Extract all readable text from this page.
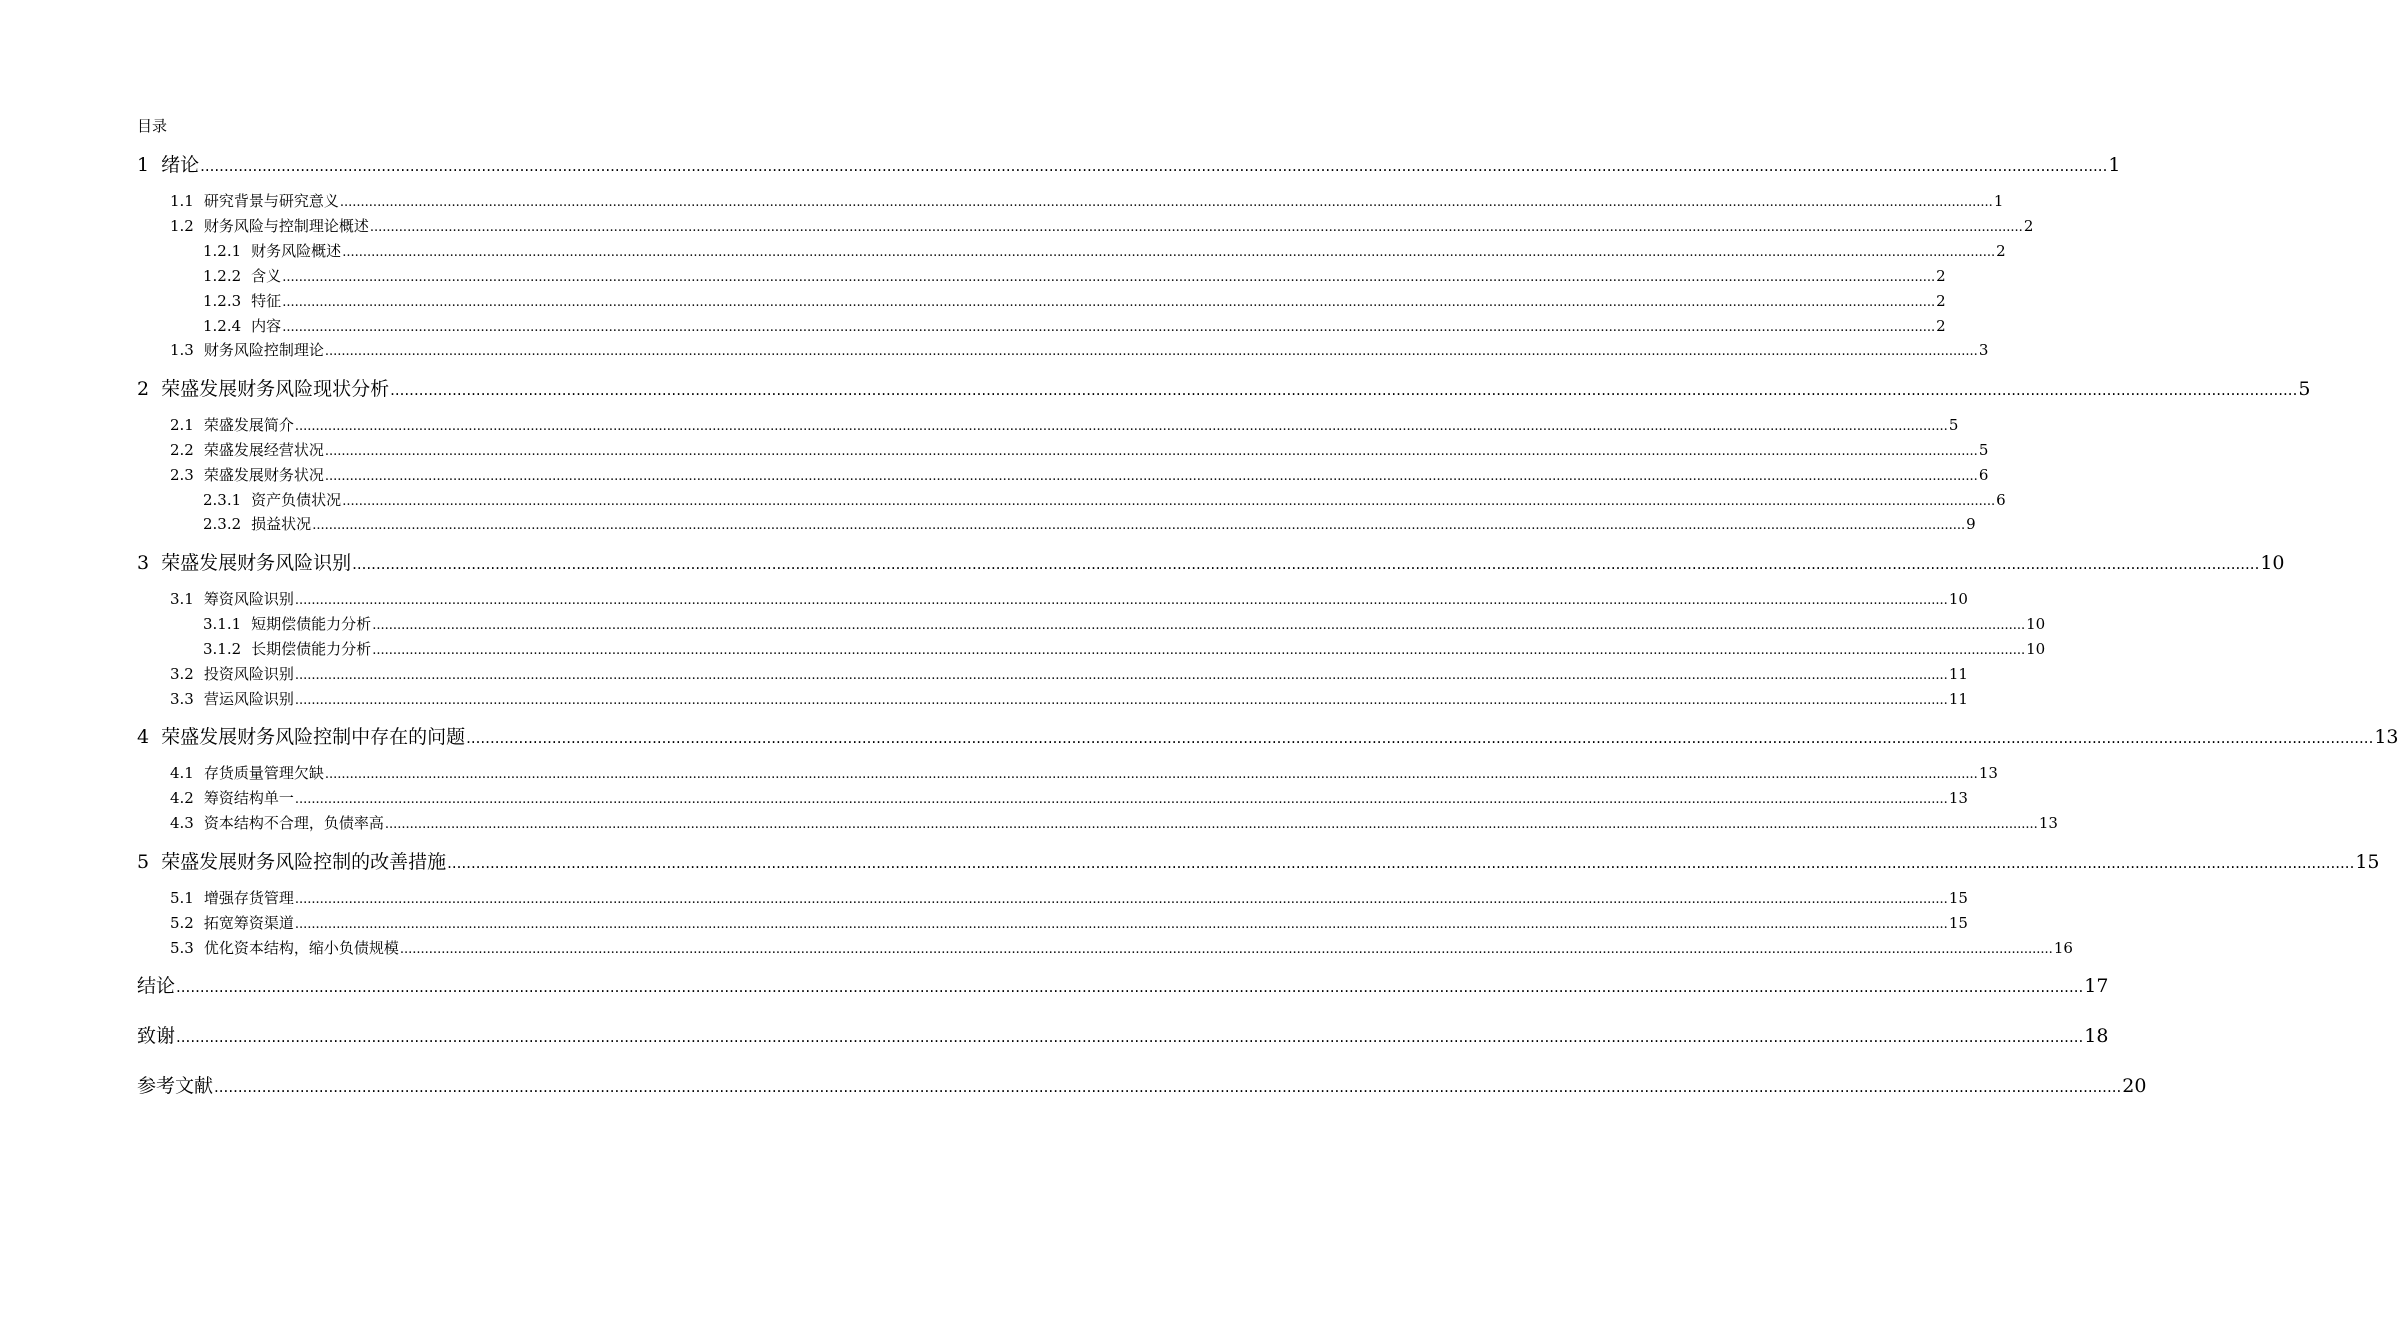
目录
1 绪论 ................................................................................................................................................................................................................................................................................................................................................................................................................ 1
1.1 研究背景与研究意义 ................................................................................................................................................................................................................................................................................................................................................................................................................ 1
1.2 财务风险与控制理论概述 ................................................................................................................................................................................................................................................................................................................................................................................................................ 2
1.2.1 财务风险概述 ................................................................................................................................................................................................................................................................................................................................................................................................................ 2
1.2.2 含义 ................................................................................................................................................................................................................................................................................................................................................................................................................ 2
1.2.3 特征 ................................................................................................................................................................................................................................................................................................................................................................................................................ 2
1.2.4 内容 ................................................................................................................................................................................................................................................................................................................................................................................................................ 2
1.3 财务风险控制理论 ................................................................................................................................................................................................................................................................................................................................................................................................................ 3
2 荣盛发展财务风险现状分析 ................................................................................................................................................................................................................................................................................................................................................................................................................ 5
2.1 荣盛发展简介 ................................................................................................................................................................................................................................................................................................................................................................................................................ 5
2.2 荣盛发展经营状况 ................................................................................................................................................................................................................................................................................................................................................................................................................ 5
2.3 荣盛发展财务状况 ................................................................................................................................................................................................................................................................................................................................................................................................................ 6
2.3.1 资产负债状况 ................................................................................................................................................................................................................................................................................................................................................................................................................ 6
2.3.2 损益状况 ................................................................................................................................................................................................................................................................................................................................................................................................................ 9
3 荣盛发展财务风险识别 ................................................................................................................................................................................................................................................................................................................................................................................................................ 10
3.1 筹资风险识别 ................................................................................................................................................................................................................................................................................................................................................................................................................ 10
3.1.1 短期偿债能力分析 ................................................................................................................................................................................................................................................................................................................................................................................................................ 10
3.1.2 长期偿债能力分析 ................................................................................................................................................................................................................................................................................................................................................................................................................ 10
3.2 投资风险识别 ................................................................................................................................................................................................................................................................................................................................................................................................................ 11
3.3 营运风险识别 ................................................................................................................................................................................................................................................................................................................................................................................................................ 11
4 荣盛发展财务风险控制中存在的问题 ................................................................................................................................................................................................................................................................................................................................................................................................................ 13
4.1 存货质量管理欠缺 ................................................................................................................................................................................................................................................................................................................................................................................................................ 13
4.2 筹资结构单一 ................................................................................................................................................................................................................................................................................................................................................................................................................ 13
4.3 资本结构不合理，负债率高 ................................................................................................................................................................................................................................................................................................................................................................................................................ 13
5 荣盛发展财务风险控制的改善措施 ................................................................................................................................................................................................................................................................................................................................................................................................................ 15
5.1 增强存货管理 ................................................................................................................................................................................................................................................................................................................................................................................................................ 15
5.2 拓宽筹资渠道 ................................................................................................................................................................................................................................................................................................................................................................................................................ 15
5.3 优化资本结构，缩小负债规模 ................................................................................................................................................................................................................................................................................................................................................................................................................ 16
结论 ................................................................................................................................................................................................................................................................................................................................................................................................................ 17
致谢 ................................................................................................................................................................................................................................................................................................................................................................................................................ 18
参考文献 ................................................................................................................................................................................................................................................................................................................................................................................................................ 20
